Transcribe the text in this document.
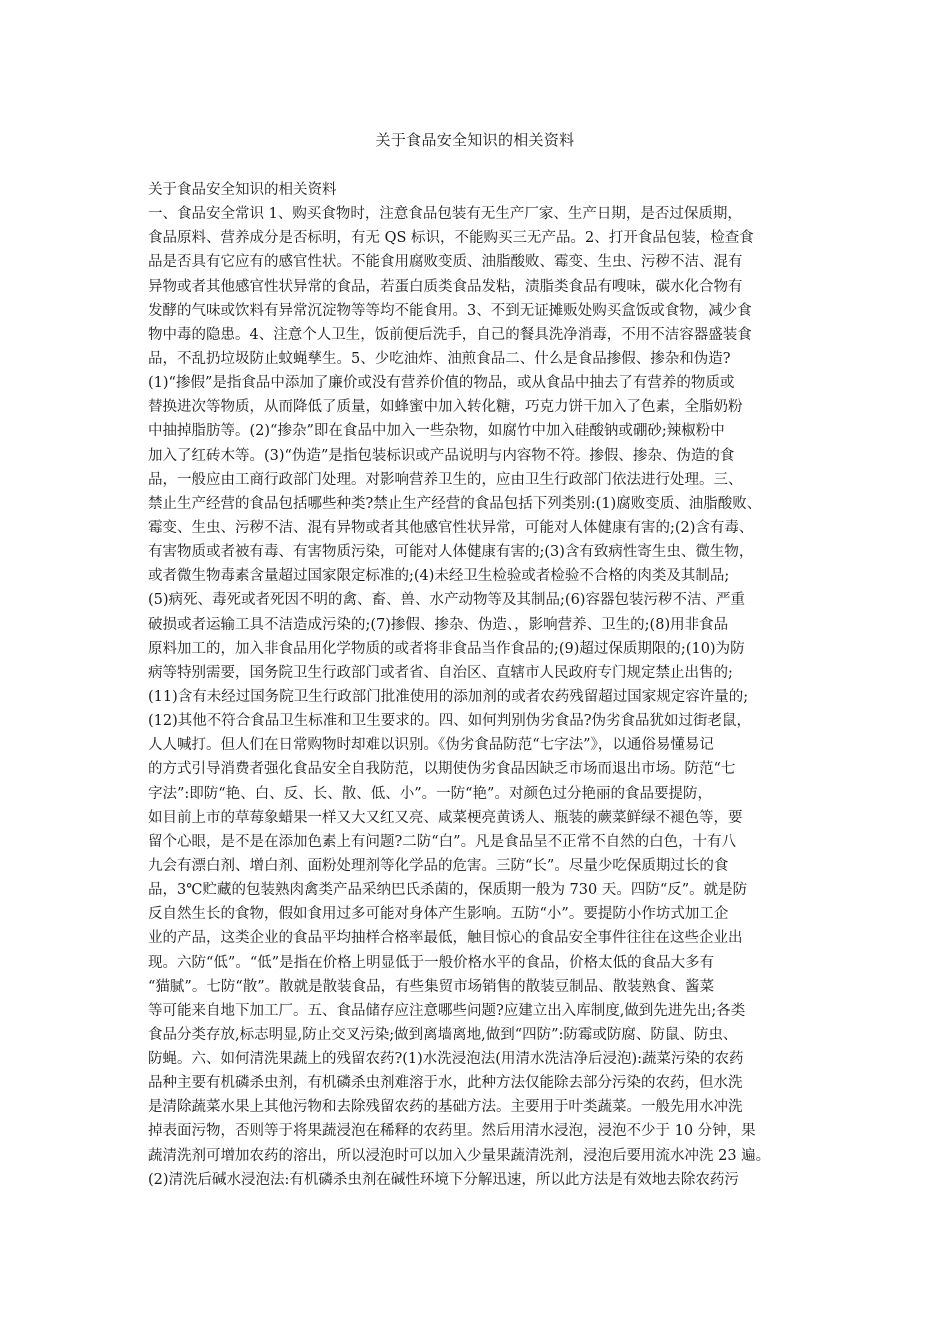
关于食品安全知识的相关资料
关于食品安全知识的相关资料
一、食品安全常识 1、购买食物时，注意食品包装有无生产厂家、生产日期，是否过保质期，
食品原料、营养成分是否标明，有无 QS 标识，不能购买三无产品。2、打开食品包装，检查食
品是否具有它应有的感官性状。不能食用腐败变质、油脂酸败、霉变、生虫、污秽不洁、混有
异物或者其他感官性状异常的食品，若蛋白质类食品发粘，渍脂类食品有嗖味，碳水化合物有
发酵的气味或饮料有异常沉淀物等等均不能食用。3、不到无证摊贩处购买盒饭或食物，减少食
物中毒的隐患。4、注意个人卫生，饭前便后洗手，自己的餐具洗净消毒，不用不洁容器盛装食
品，不乱扔垃圾防止蚊蝇孳生。5、少吃油炸、油煎食品二、什么是食品掺假、掺杂和伪造?
(1)“掺假”是指食品中添加了廉价或没有营养价值的物品，或从食品中抽去了有营养的物质或
替换进次等物质，从而降低了质量，如蜂蜜中加入转化糖，巧克力饼干加入了色素，全脂奶粉
中抽掉脂肪等。(2)“掺杂”即在食品中加入一些杂物，如腐竹中加入硅酸钠或硼砂;辣椒粉中
加入了红砖木等。(3)“伪造”是指包装标识或产品说明与内容物不符。掺假、掺杂、伪造的食
品，一般应由工商行政部门处理。对影响营养卫生的，应由卫生行政部门依法进行处理。三、
禁止生产经营的食品包括哪些种类?禁止生产经营的食品包括下列类别:(1)腐败变质、油脂酸败、
霉变、生虫、污秽不洁、混有异物或者其他感官性状异常，可能对人体健康有害的;(2)含有毒、
有害物质或者被有毒、有害物质污染，可能对人体健康有害的;(3)含有致病性寄生虫、微生物，
或者微生物毒素含量超过国家限定标准的;(4)未经卫生检验或者检验不合格的肉类及其制品;
(5)病死、毒死或者死因不明的禽、畜、兽、水产动物等及其制品;(6)容器包装污秽不洁、严重
破损或者运输工具不洁造成污染的;(7)掺假、掺杂、伪造、，影响营养、卫生的;(8)用非食品
原料加工的，加入非食品用化学物质的或者将非食品当作食品的;(9)超过保质期限的;(10)为防
病等特别需要，国务院卫生行政部门或者省、自治区、直辖市人民政府专门规定禁止出售的;
(11)含有未经过国务院卫生行政部门批准使用的添加剂的或者农药残留超过国家规定容许量的;
(12)其他不符合食品卫生标准和卫生要求的。四、如何判别伪劣食品?伪劣食品犹如过街老鼠，
人人喊打。但人们在日常购物时却难以识别。《伪劣食品防范“七字法”》，以通俗易懂易记
的方式引导消费者强化食品安全自我防范，以期使伪劣食品因缺乏市场而退出市场。防范“七
字法”:即防“艳、白、反、长、散、低、小”。一防“艳”。对颜色过分艳丽的食品要提防，
如目前上市的草莓象蜡果一样又大又红又亮、咸菜梗亮黄诱人、瓶装的蕨菜鲜绿不褪色等，要
留个心眼，是不是在添加色素上有问题?二防“白”。凡是食品呈不正常不自然的白色，十有八
九会有漂白剂、增白剂、面粉处理剂等化学品的危害。三防“长”。尽量少吃保质期过长的食
品，3℃贮藏的包装熟肉禽类产品采纳巴氏杀菌的，保质期一般为 730 天。四防“反”。就是防
反自然生长的食物，假如食用过多可能对身体产生影响。五防“小”。要提防小作坊式加工企
业的产品，这类企业的食品平均抽样合格率最低，触目惊心的食品安全事件往往在这些企业出
现。六防“低”。“低”是指在价格上明显低于一般价格水平的食品，价格太低的食品大多有
“猫腻”。七防“散”。散就是散装食品，有些集贸市场销售的散装豆制品、散装熟食、酱菜
等可能来自地下加工厂。五、食品储存应注意哪些问题?应建立出入库制度,做到先进先出;各类
食品分类存放,标志明显,防止交叉污染;做到离墙离地,做到“四防”:防霉或防腐、防鼠、防虫、
防蝇。六、如何清洗果蔬上的残留农药?(1)水洗浸泡法(用清水洗洁净后浸泡):蔬菜污染的农药
品种主要有机磷杀虫剂，有机磷杀虫剂难溶于水，此种方法仅能除去部分污染的农药，但水洗
是清除蔬菜水果上其他污物和去除残留农药的基础方法。主要用于叶类蔬菜。一般先用水冲洗
掉表面污物，否则等于将果蔬浸泡在稀释的农药里。然后用清水浸泡，浸泡不少于 10 分钟，果
蔬清洗剂可增加农药的溶出，所以浸泡时可以加入少量果蔬清洗剂，浸泡后要用流水冲洗 23 遍。
(2)清洗后碱水浸泡法:有机磷杀虫剂在碱性环境下分解迅速，所以此方法是有效地去除农药污
